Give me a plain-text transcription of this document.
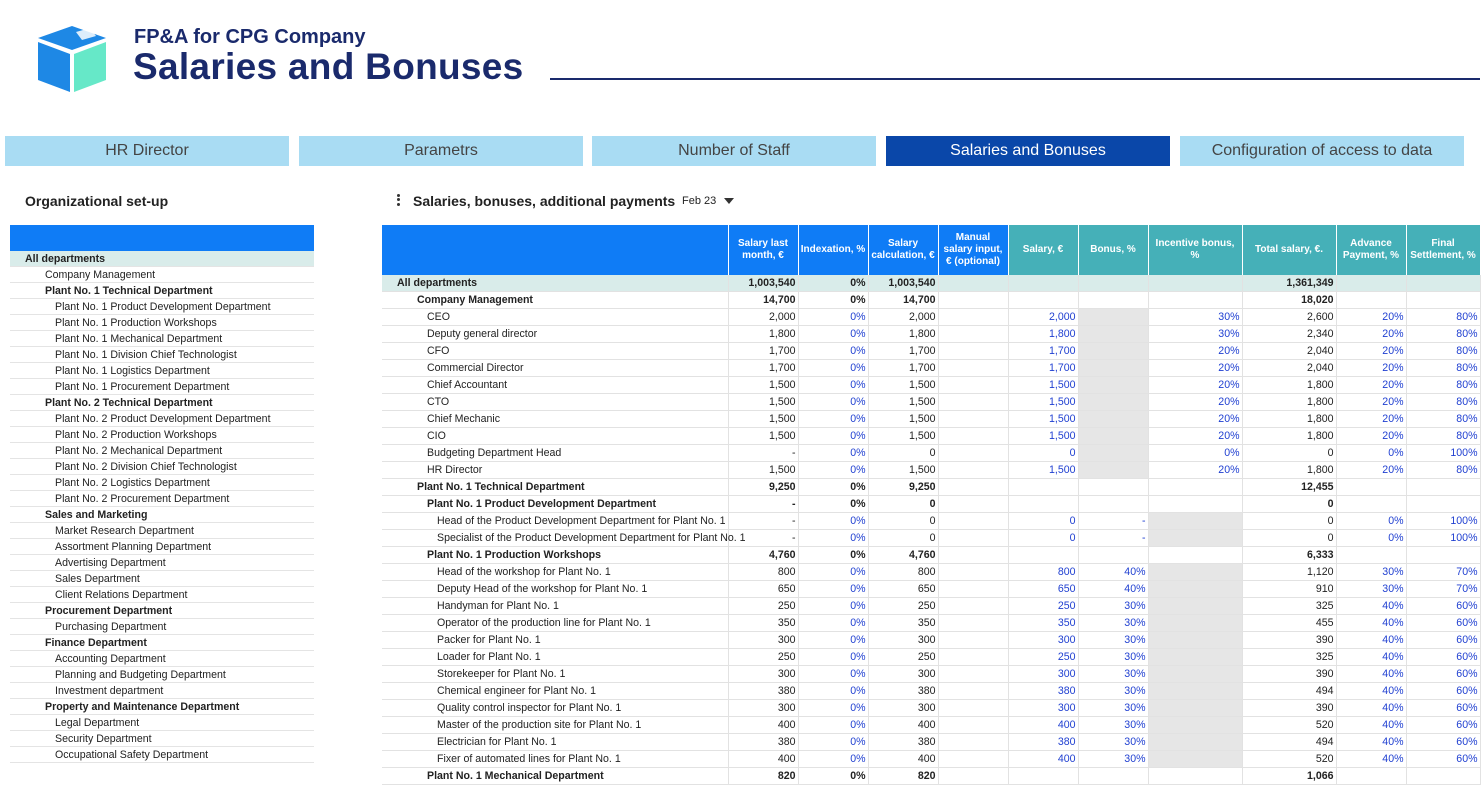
FP&A for CPG Company
Salaries and Bonuses
HR Director	Parametrs	Number of Staff	Salaries and Bonuses	Configuration of access to data
Organizational set-up
All departments
Company Management
Plant No. 1 Technical Department
Plant No. 1 Product Development Department
Plant No. 1 Production Workshops
Plant No. 1 Mechanical Department
Plant No. 1 Division Chief Technologist
Plant No. 1 Logistics Department
Plant No. 1 Procurement Department
Plant No. 2 Technical Department
Plant No. 2 Product Development Department
Plant No. 2 Production Workshops
Plant No. 2 Mechanical Department
Plant No. 2 Division Chief Technologist
Plant No. 2 Logistics Department
Plant No. 2 Procurement Department
Sales and Marketing
Market Research Department
Assortment Planning Department
Advertising Department
Sales Department
Client Relations Department
Procurement Department
Purchasing Department
Finance Department
Accounting Department
Planning and Budgeting Department
Investment department
Property and Maintenance Department
Legal Department
Security Department
Occupational Safety Department
Salaries, bonuses, additional payments Feb 23
	Salary last month, €	Indexation, %	Salary calculation, €	Manual salary input, € (optional)	Salary, €	Bonus, %	Incentive bonus, %	Total salary, €.	Advance Payment, %	Final Settlement, %
All departments	1,003,540	0%	1,003,540					1,361,349		
Company Management	14,700	0%	14,700					18,020		
CEO	2,000	0%	2,000		2,000		30%	2,600	20%	80%
Deputy general director	1,800	0%	1,800		1,800		30%	2,340	20%	80%
CFO	1,700	0%	1,700		1,700		20%	2,040	20%	80%
Commercial Director	1,700	0%	1,700		1,700		20%	2,040	20%	80%
Chief Accountant	1,500	0%	1,500		1,500		20%	1,800	20%	80%
CTO	1,500	0%	1,500		1,500		20%	1,800	20%	80%
Chief Mechanic	1,500	0%	1,500		1,500		20%	1,800	20%	80%
CIO	1,500	0%	1,500		1,500		20%	1,800	20%	80%
Budgeting Department Head	-	0%	0		0		0%	0	0%	100%
HR Director	1,500	0%	1,500		1,500		20%	1,800	20%	80%
Plant No. 1 Technical Department	9,250	0%	9,250					12,455		
Plant No. 1 Product Development Department	-	0%	0					0		
Head of the Product Development Department for Plant No. 1	-	0%	0		0	-		0	0%	100%
Specialist of the Product Development Department for Plant No. 1	-	0%	0		0	-		0	0%	100%
Plant No. 1 Production Workshops	4,760	0%	4,760					6,333		
Head of the workshop for Plant No. 1	800	0%	800		800	40%		1,120	30%	70%
Deputy Head of the workshop for Plant No. 1	650	0%	650		650	40%		910	30%	70%
Handyman for Plant No. 1	250	0%	250		250	30%		325	40%	60%
Operator of the production line for Plant No. 1	350	0%	350		350	30%		455	40%	60%
Packer for Plant No. 1	300	0%	300		300	30%		390	40%	60%
Loader for Plant No. 1	250	0%	250		250	30%		325	40%	60%
Storekeeper for Plant No. 1	300	0%	300		300	30%		390	40%	60%
Chemical engineer for Plant No. 1	380	0%	380		380	30%		494	40%	60%
Quality control inspector for Plant No. 1	300	0%	300		300	30%		390	40%	60%
Master of the production site for Plant No. 1	400	0%	400		400	30%		520	40%	60%
Electrician for Plant No. 1	380	0%	380		380	30%		494	40%	60%
Fixer of automated lines for Plant No. 1	400	0%	400		400	30%		520	40%	60%
Plant No. 1 Mechanical Department	820	0%	820					1,066		
